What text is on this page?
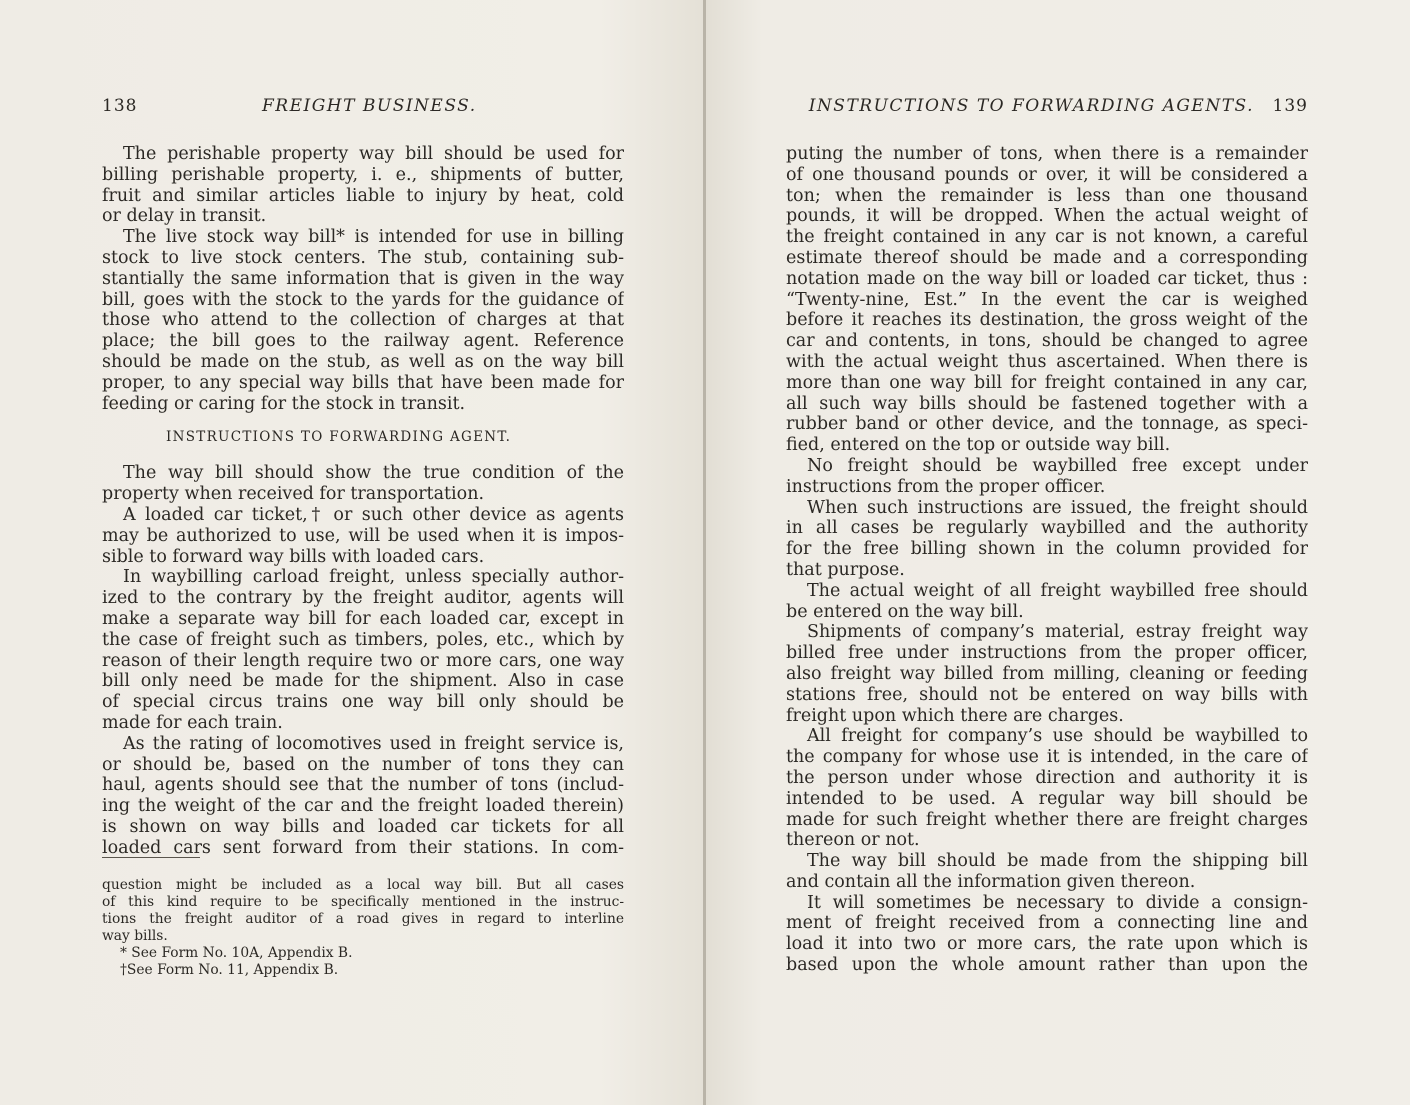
138	FREIGHT BUSINESS.
The perishable property way bill should be used for
billing perishable property, i. e., shipments of butter,
fruit and similar articles liable to injury by heat, cold
or delay in transit.
The live stock way bill* is intended for use in billing
stock to live stock centers. The stub, containing sub-
stantially the same information that is given in the way
bill, goes with the stock to the yards for the guidance of
those who attend to the collection of charges at that
place; the bill goes to the railway agent. Reference
should be made on the stub, as well as on the way bill
proper, to any special way bills that have been made for
feeding or caring for the stock in transit.
INSTRUCTIONS TO FORWARDING AGENT.
The way bill should show the true condition of the
property when received for transportation.
A loaded car ticket,† or such other device as agents
may be authorized to use, will be used when it is impos-
sible to forward way bills with loaded cars.
In waybilling carload freight, unless specially author-
ized to the contrary by the freight auditor, agents will
make a separate way bill for each loaded car, except in
the case of freight such as timbers, poles, etc., which by
reason of their length require two or more cars, one way
bill only need be made for the shipment. Also in case
of special circus trains one way bill only should be
made for each train.
As the rating of locomotives used in freight service is,
or should be, based on the number of tons they can
haul, agents should see that the number of tons (includ-
ing the weight of the car and the freight loaded therein)
is shown on way bills and loaded car tickets for all
loaded cars sent forward from their stations. In com-
question might be included as a local way bill. But all cases
of this kind require to be specifically mentioned in the instruc-
tions the freight auditor of a road gives in regard to interline
way bills.
* See Form No. 10A, Appendix B.
†See Form No. 11, Appendix B.
INSTRUCTIONS TO FORWARDING AGENTS. 139
puting the number of tons, when there is a remainder
of one thousand pounds or over, it will be considered a
ton; when the remainder is less than one thousand
pounds, it will be dropped. When the actual weight of
the freight contained in any car is not known, a careful
estimate thereof should be made and a corresponding
notation made on the way bill or loaded car ticket, thus :
“Twenty-nine, Est.” In the event the car is weighed
before it reaches its destination, the gross weight of the
car and contents, in tons, should be changed to agree
with the actual weight thus ascertained. When there is
more than one way bill for freight contained in any car,
all such way bills should be fastened together with a
rubber band or other device, and the tonnage, as speci-
fied, entered on the top or outside way bill.
No freight should be waybilled free except under
instructions from the proper officer.
When such instructions are issued, the freight should
in all cases be regularly waybilled and the authority
for the free billing shown in the column provided for
that purpose.
The actual weight of all freight waybilled free should
be entered on the way bill.
Shipments of company’s material, estray freight way
billed free under instructions from the proper officer,
also freight way billed from milling, cleaning or feeding
stations free, should not be entered on way bills with
freight upon which there are charges.
All freight for company’s use should be waybilled to
the company for whose use it is intended, in the care of
the person under whose direction and authority it is
intended to be used. A regular way bill should be
made for such freight whether there are freight charges
thereon or not.
The way bill should be made from the shipping bill
and contain all the information given thereon.
It will sometimes be necessary to divide a consign-
ment of freight received from a connecting line and
load it into two or more cars, the rate upon which is
based upon the whole amount rather than upon the
